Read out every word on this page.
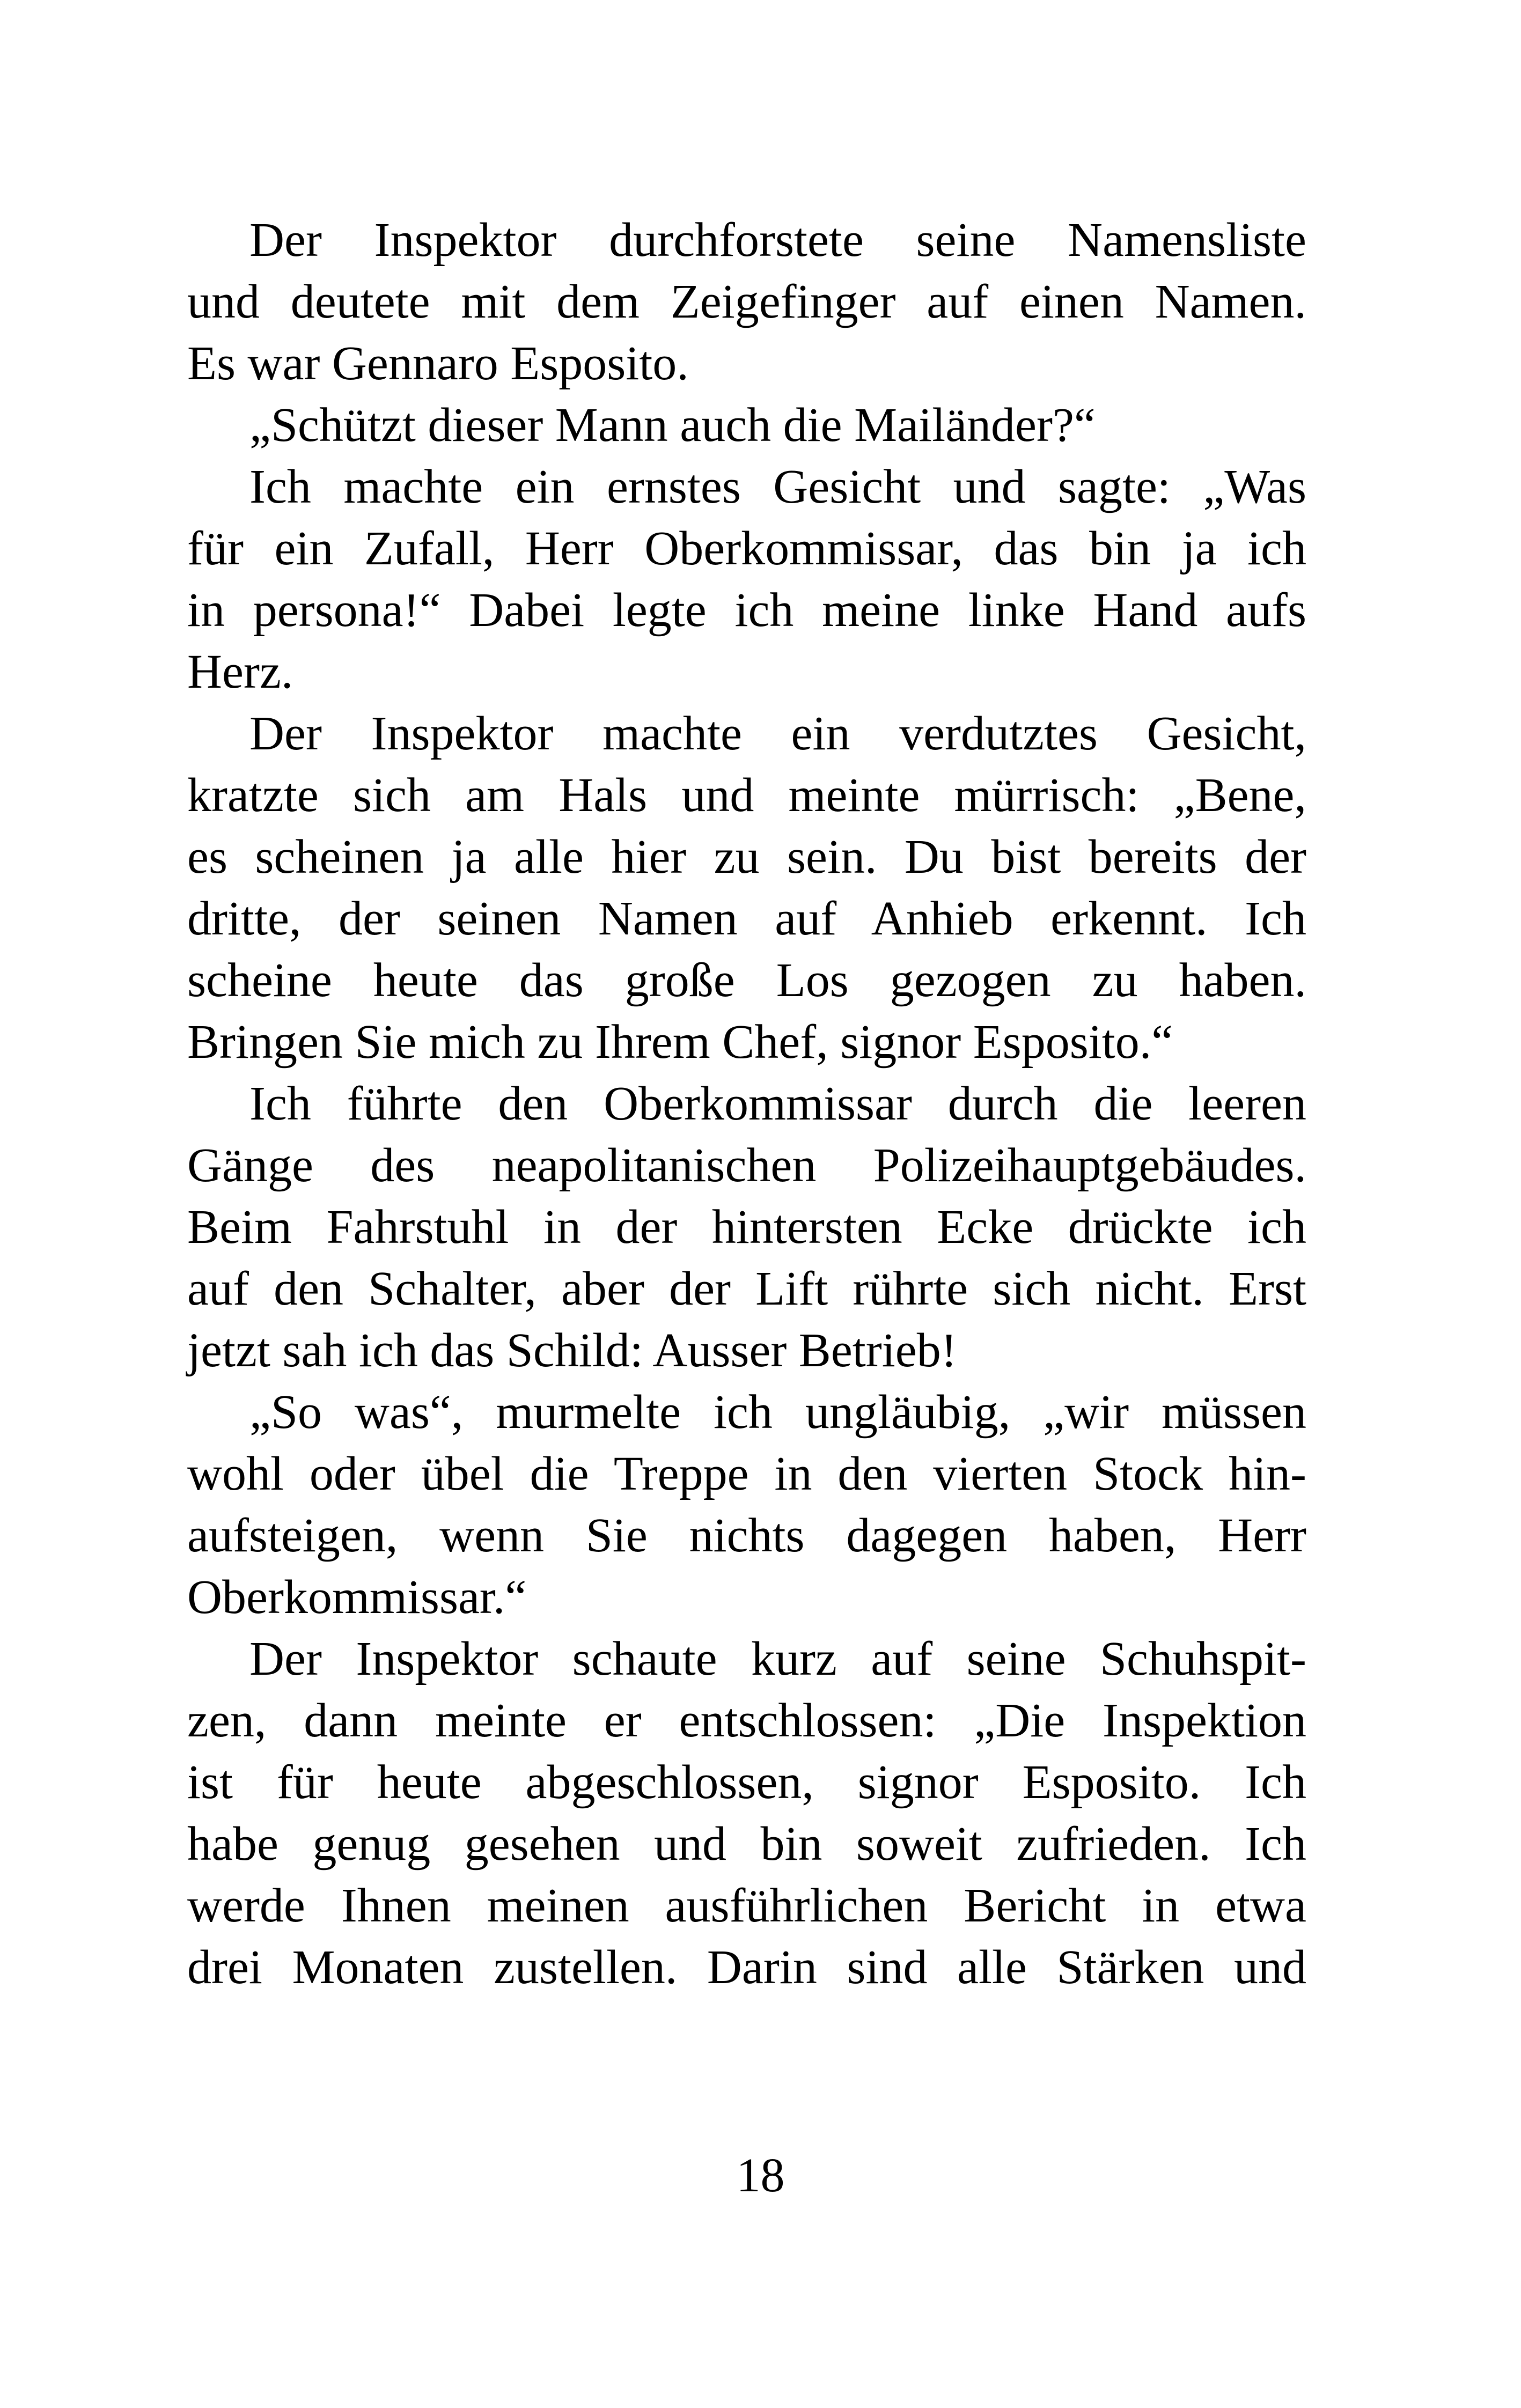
Der Inspektor durchforstete seine Namensliste
und deutete mit dem Zeigefinger auf einen Namen.
Es war Gennaro Esposito.
„Schützt dieser Mann auch die Mailänder?“
Ich machte ein ernstes Gesicht und sagte: „Was
für ein Zufall, Herr Oberkommissar, das bin ja ich
in persona!“ Dabei legte ich meine linke Hand aufs
Herz.
Der Inspektor machte ein verdutztes Gesicht,
kratzte sich am Hals und meinte mürrisch: „Bene,
es scheinen ja alle hier zu sein. Du bist bereits der
dritte, der seinen Namen auf Anhieb erkennt. Ich
scheine heute das große Los gezogen zu haben.
Bringen Sie mich zu Ihrem Chef, signor Esposito.“
Ich führte den Oberkommissar durch die leeren
Gänge des neapolitanischen Polizeihauptgebäudes.
Beim Fahrstuhl in der hintersten Ecke drückte ich
auf den Schalter, aber der Lift rührte sich nicht. Erst
jetzt sah ich das Schild: Ausser Betrieb!
„So was“, murmelte ich ungläubig, „wir müssen
wohl oder übel die Treppe in den vierten Stock hin-
aufsteigen, wenn Sie nichts dagegen haben, Herr
Oberkommissar.“
Der Inspektor schaute kurz auf seine Schuhspit-
zen, dann meinte er entschlossen: „Die Inspektion
ist für heute abgeschlossen, signor Esposito. Ich
habe genug gesehen und bin soweit zufrieden. Ich
werde Ihnen meinen ausführlichen Bericht in etwa
drei Monaten zustellen. Darin sind alle Stärken und
18
